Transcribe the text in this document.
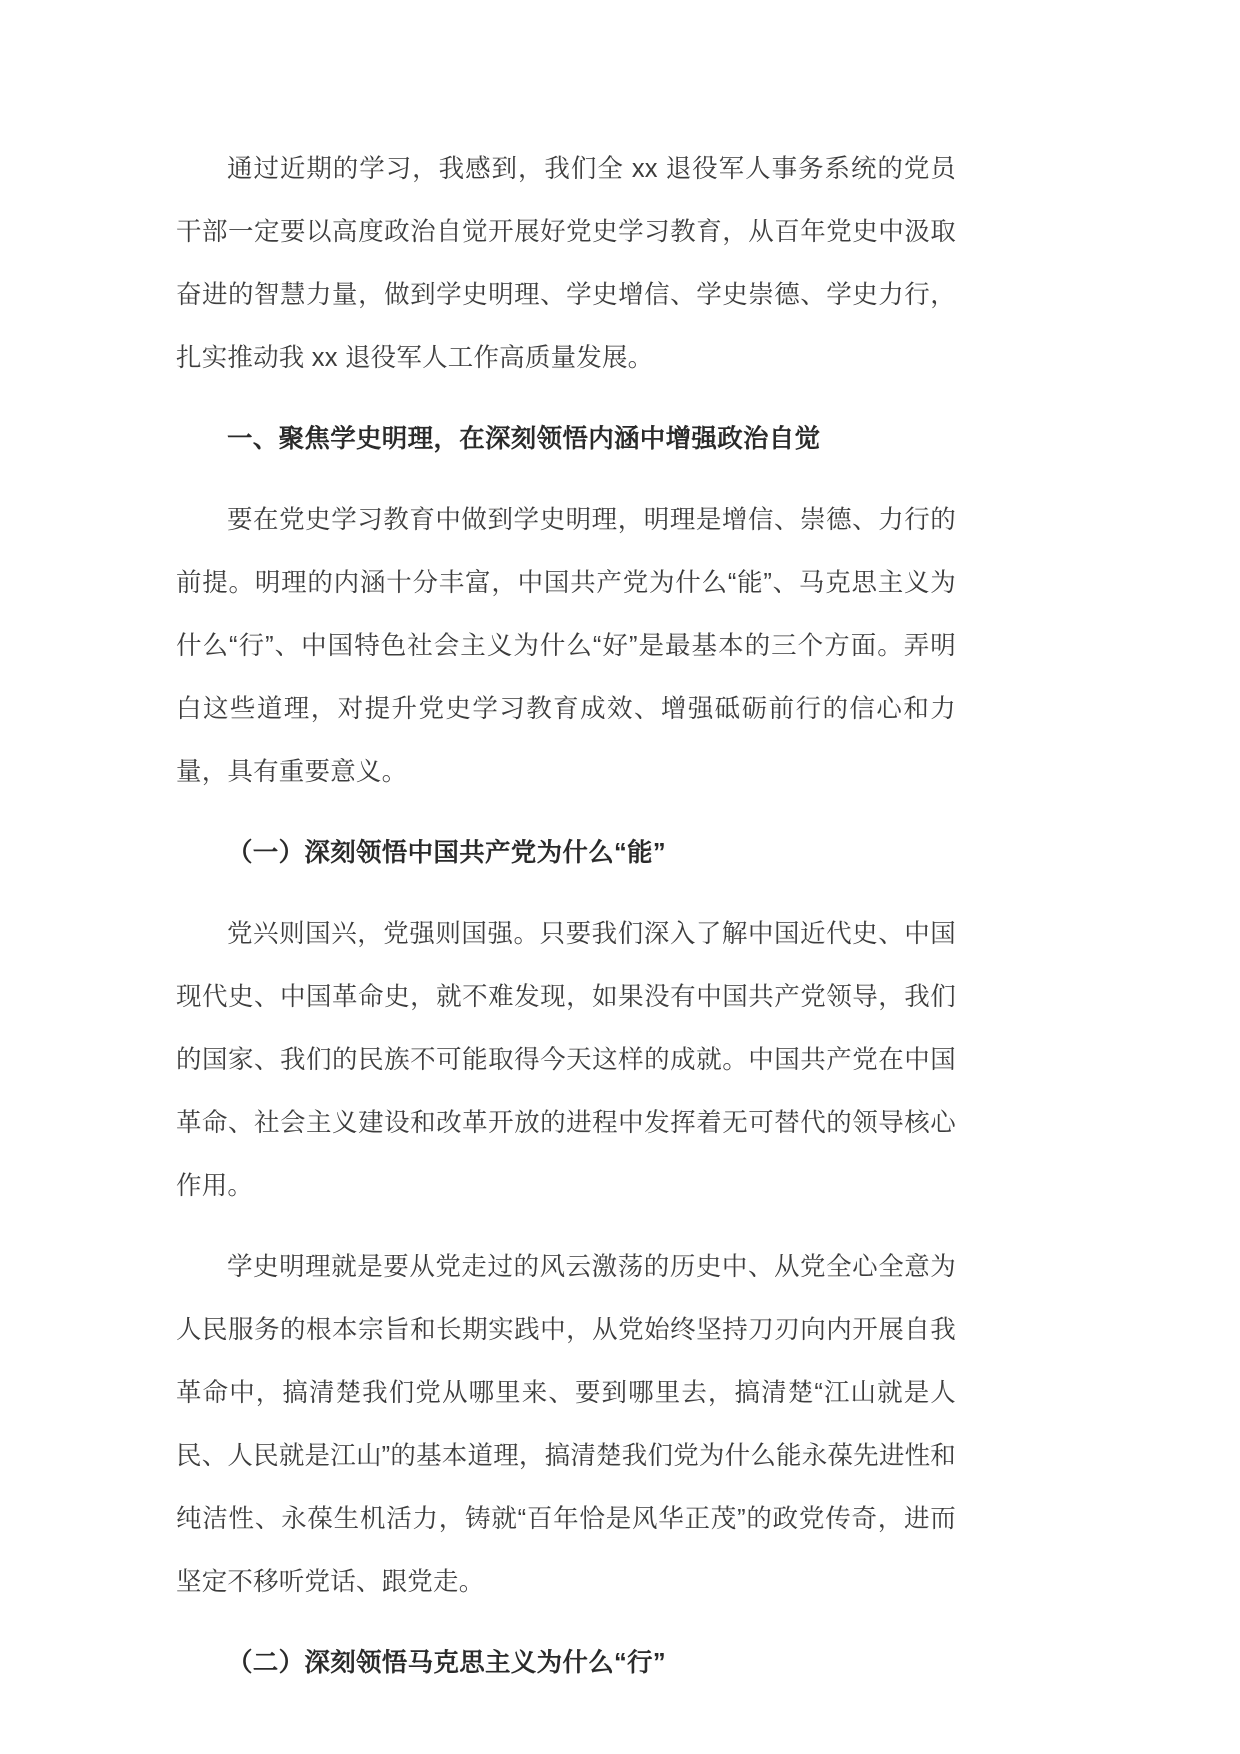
通过近期的学习，我感到，我们全 xx 退役军人事务系统的党员干部一定要以高度政治自觉开展好党史学习教育，从百年党史中汲取奋进的智慧力量，做到学史明理、学史增信、学史崇德、学史力行，扎实推动我 xx 退役军人工作高质量发展。

一、聚焦学史明理，在深刻领悟内涵中增强政治自觉

要在党史学习教育中做到学史明理，明理是增信、崇德、力行的前提。明理的内涵十分丰富，中国共产党为什么“能”、马克思主义为什么“行”、中国特色社会主义为什么“好”是最基本的三个方面。弄明白这些道理，对提升党史学习教育成效、增强砥砺前行的信心和力量，具有重要意义。

（一）深刻领悟中国共产党为什么“能”

党兴则国兴，党强则国强。只要我们深入了解中国近代史、中国现代史、中国革命史，就不难发现，如果没有中国共产党领导，我们的国家、我们的民族不可能取得今天这样的成就。中国共产党在中国革命、社会主义建设和改革开放的进程中发挥着无可替代的领导核心作用。

学史明理就是要从党走过的风云激荡的历史中、从党全心全意为人民服务的根本宗旨和长期实践中，从党始终坚持刀刃向内开展自我革命中，搞清楚我们党从哪里来、要到哪里去，搞清楚“江山就是人民、人民就是江山”的基本道理，搞清楚我们党为什么能永葆先进性和纯洁性、永葆生机活力，铸就“百年恰是风华正茂”的政党传奇，进而坚定不移听党话、跟党走。

（二）深刻领悟马克思主义为什么“行”
